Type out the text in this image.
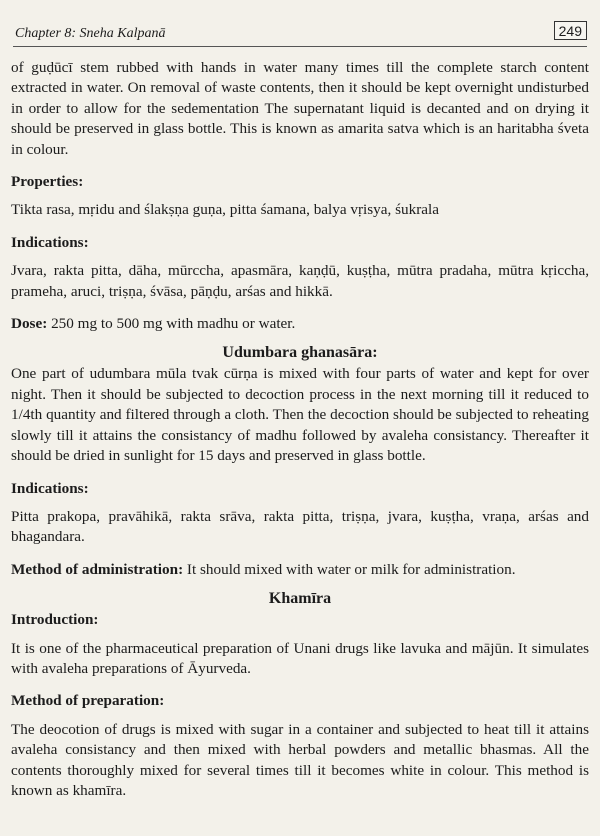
Chapter 8: Sneha Kalpanā	249

of guḍūcī stem rubbed with hands in water many times till the complete starch content extracted in water. On removal of waste contents, then it should be kept overnight undisturbed in order to allow for the sedementation The supernatant liquid is decanted and on drying it should be preserved in glass bottle. This is known as amarita satva which is an haritabha śveta in colour.

Properties:

Tikta rasa, mṛidu and ślakṣṇa guṇa, pitta śamana, balya vṛisya, śukrala

Indications:

Jvara, rakta pitta, dāha, mūrccha, apasmāra, kaṇḍū, kuṣṭha, mūtra pradaha, mūtra kṛiccha, prameha, aruci, triṣṇa, śvāsa, pāṇḍu, arśas and hikkā.

Dose: 250 mg to 500 mg with madhu or water.

Udumbara ghanasāra:

One part of udumbara mūla tvak cūrṇa is mixed with four parts of water and kept for over night. Then it should be subjected to decoction process in the next morning till it reduced to 1/4th quantity and filtered through a cloth. Then the decoction should be subjected to reheating slowly till it attains the consistancy of madhu followed by avaleha consistancy. Thereafter it should be dried in sunlight for 15 days and preserved in glass bottle.

Indications:

Pitta prakopa, pravāhikā, rakta srāva, rakta pitta, triṣṇa, jvara, kuṣṭha, vraṇa, arśas and bhagandara.

Method of administration: It should mixed with water or milk for administration.

Khamīra
Introduction:

It is one of the pharmaceutical preparation of Unani drugs like lavuka and mājūn. It simulates with avaleha preparations of Āyurveda.

Method of preparation:

The deocotion of drugs is mixed with sugar in a container and subjected to heat till it attains avaleha consistancy and then mixed with herbal powders and metallic bhasmas. All the contents thoroughly mixed for several times till it becomes white in colour. This method is known as khamīra.
